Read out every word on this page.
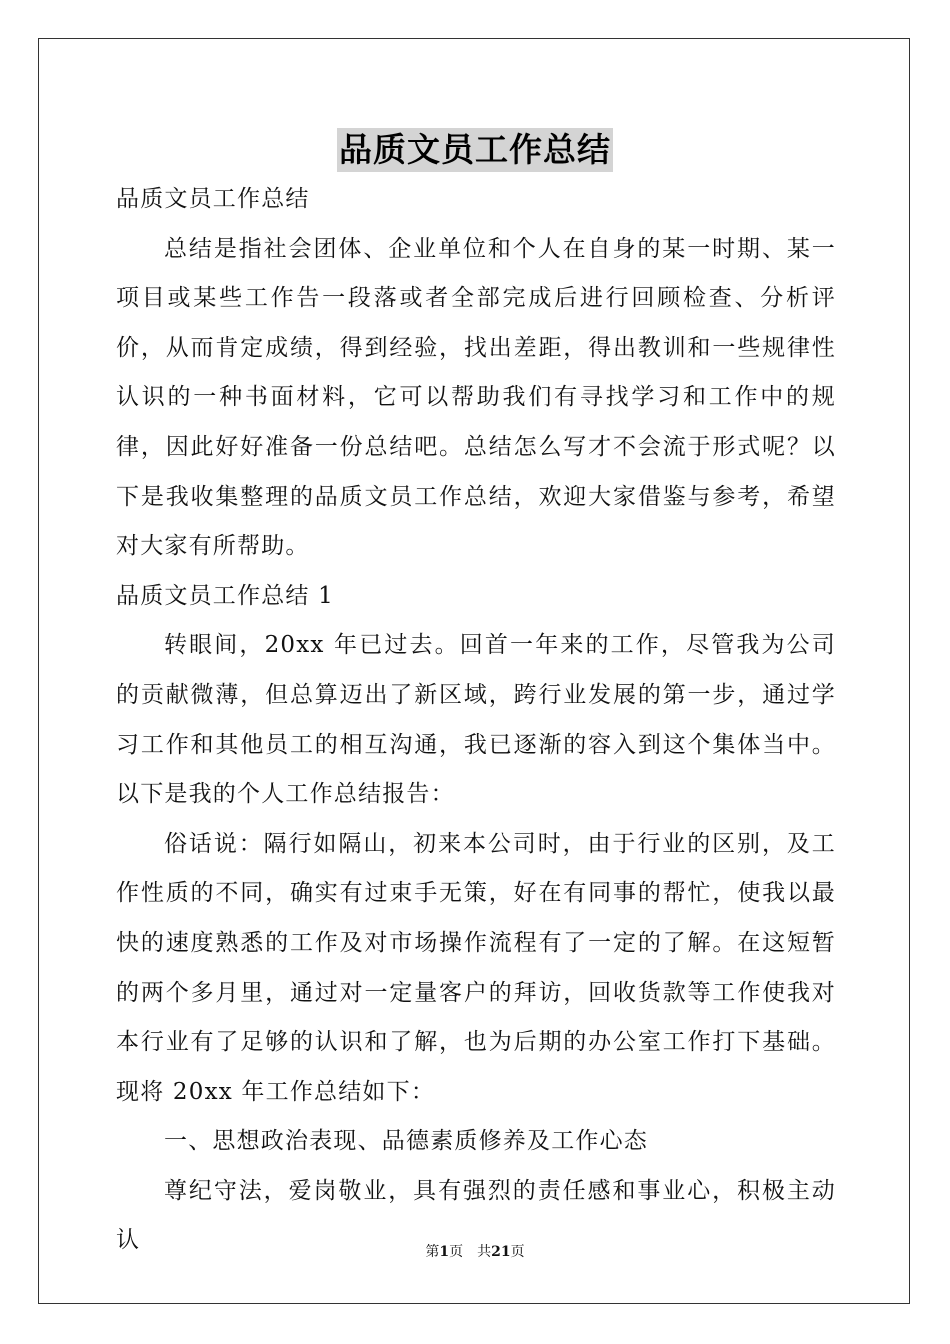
品质文员工作总结

品质文员工作总结

总结是指社会团体、企业单位和个人在自身的某一时期、某一项目或某些工作告一段落或者全部完成后进行回顾检查、分析评价，从而肯定成绩，得到经验，找出差距，得出教训和一些规律性认识的一种书面材料，它可以帮助我们有寻找学习和工作中的规律，因此好好准备一份总结吧。总结怎么写才不会流于形式呢？以下是我收集整理的品质文员工作总结，欢迎大家借鉴与参考，希望对大家有所帮助。

品质文员工作总结 1

转眼间，20xx 年已过去。回首一年来的工作，尽管我为公司的贡献微薄，但总算迈出了新区域，跨行业发展的第一步，通过学习工作和其他员工的相互沟通，我已逐渐的容入到这个集体当中。以下是我的个人工作总结报告：

俗话说：隔行如隔山，初来本公司时，由于行业的区别，及工作性质的不同，确实有过束手无策，好在有同事的帮忙，使我以最快的速度熟悉的工作及对市场操作流程有了一定的了解。在这短暂的两个多月里，通过对一定量客户的拜访，回收货款等工作使我对本行业有了足够的认识和了解，也为后期的办公室工作打下基础。现将 20xx 年工作总结如下：

一、思想政治表现、品德素质修养及工作心态

尊纪守法，爱岗敬业，具有强烈的责任感和事业心，积极主动认	第1页 共21页
